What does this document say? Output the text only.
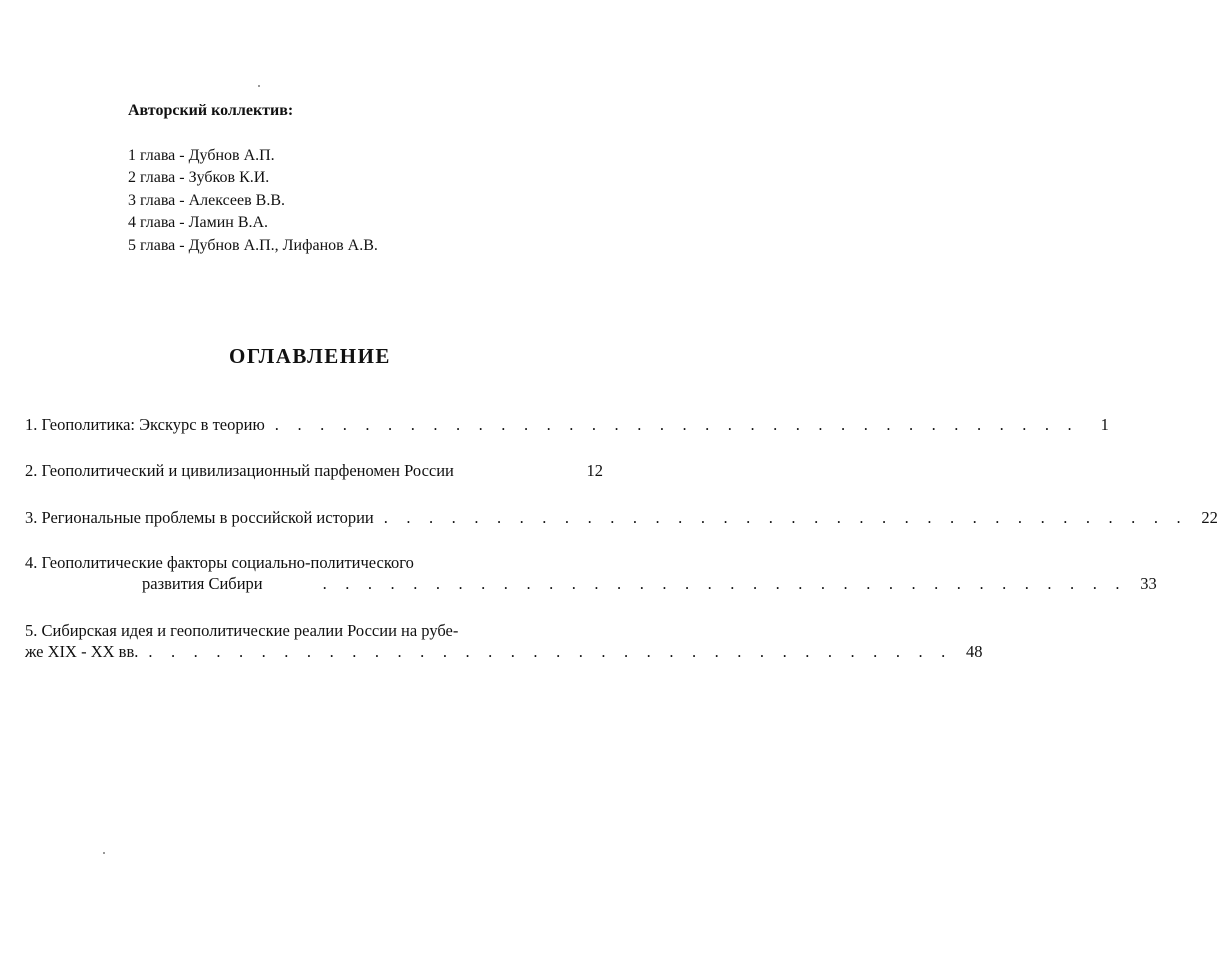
Авторский коллектив:
1 глава - Дубнов А.П.
2 глава - Зубков К.И.
3 глава - Алексеев В.В.
4 глава - Ламин В.А.
5 глава - Дубнов А.П., Лифанов А.В.
ОГЛАВЛЕНИЕ
1. Геополитика: Экскурс в теорию . . . . . . . . . . . . . . . . . . . . . . . . . . . . . . . . . . . .	1
2. Геополитический и цивилизационный парфеномен России	12
3. Региональные проблемы в российской истории . . . . . . . . . . . . . . . . . . . . . . . . . . . . . . . . . . . . 22
4. Геополитические факторы социально-политического
развития Сибири	. . . . . . . . . . . . . . . . . . . . . . . . . . . . . . . . . . . . 33
5. Сибирская идея и геополитические реалии России на рубе-
же XIX - XX вв. . . . . . . . . . . . . . . . . . . . . . . . . . . . . . . . . . . . . 48
